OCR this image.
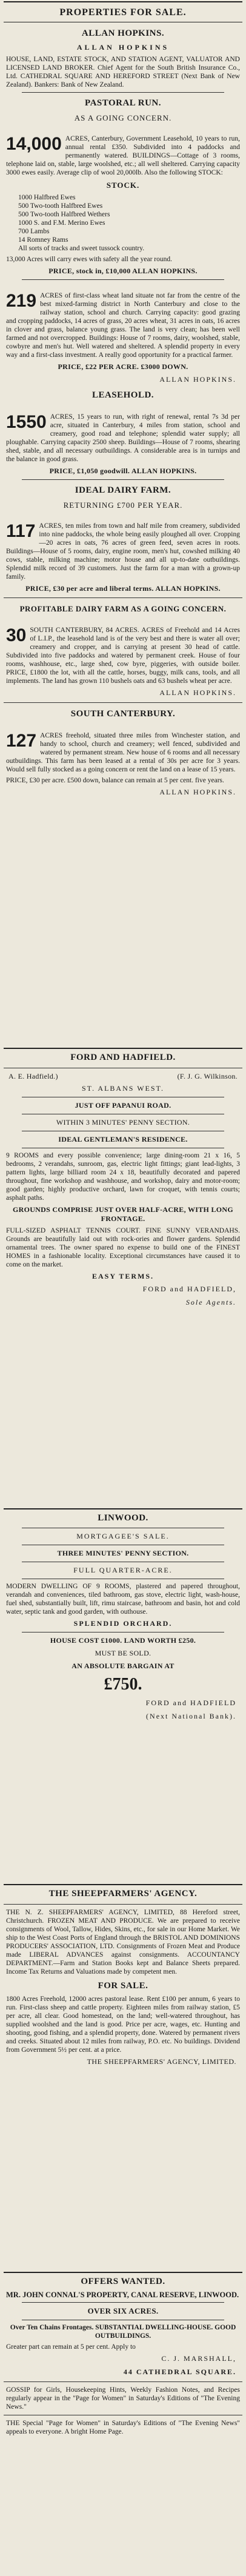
PROPERTIES FOR SALE.
ALLAN HOPKINS.
ALLAN HOPKINS
HOUSE, LAND, ESTATE STOCK, AND STATION AGENT, VALUATOR AND LICENSED LAND BROKER. Chief Agent for the South British Insurance Co., Ltd. CATHEDRAL SQUARE AND HEREFORD STREET (Next Bank of New Zealand). Bankers: Bank of New Zealand.
PASTORAL RUN.
AS A GOING CONCERN.

14,000 ACRES, Canterbury, Government Leasehold, 10 years to run, annual rental £350. Subdivided into 4 paddocks and permanently watered. BUILDINGS—Cottage of 3 rooms, telephone laid on, stable, large woolshed, etc.; all well sheltered. Carrying capacity 3000 ewes easily. Average clip of wool 20,000lb. Also the following STOCK:

STOCK.
1000 Halfbred Ewes
500 Two-tooth Halfbred Ewes
500 Two-tooth Halfbred Wethers
1000 S. and F.M. Merino Ewes
700 Lambs
14 Romney Rams
All sorts of tracks and sweet tussock country.
13,000 Acres will carry ewes with safety all the year round.
PRICE, stock in, £10,000 ALLAN HOPKINS.

219 ACRES of first-class wheat land situate not far from the centre of the best mixed-farming district in North Canterbury and close to the railway station, school and church. Carrying capacity: good grazing and cropping paddocks, 14 acres of grass, 20 acres wheat, 31 acres in oats, 16 acres in clover and grass, balance young grass. The land is very clean; has been well farmed and not overcropped. Buildings: House of 7 rooms, dairy, woolshed, stable, cowbyre and men's hut. Well watered and sheltered. A splendid property in every way and a first-class investment. A really good opportunity for a practical farmer.

PRICE, £22 PER ACRE. £3000 DOWN.
ALLAN HOPKINS.
LEASEHOLD.

1550 ACRES, 15 years to run, with right of renewal, rental 7s 3d per acre, situated in Canterbury, 4 miles from station, school and creamery, good road and telephone; splendid water supply; all ploughable. Carrying capacity 2500 sheep. Buildings—House of 7 rooms, shearing shed, stable, and all necessary outbuildings. A considerable area is in turnips and the balance in good grass.

PRICE, £1,050 goodwill. ALLAN HOPKINS.
IDEAL DAIRY FARM.
RETURNING £700 PER YEAR.

117 ACRES, ten miles from town and half mile from creamery, subdivided into nine paddocks, the whole being easily ploughed all over. Cropping—20 acres in oats, 76 acres of green feed, seven acres in roots. Buildings—House of 5 rooms, dairy, engine room, men's hut, cowshed milking 40 cows, stable, milking machine; motor house and all up-to-date outbuildings. Splendid milk record of 39 customers. Just the farm for a man with a grown-up family.

PRICE, £30 per acre and liberal terms. ALLAN HOPKINS.
PROFITABLE DAIRY FARM AS A GOING CONCERN.

30 SOUTH CANTERBURY, 84 ACRES. ACRES of Freehold and 14 Acres of L.I.P., the leasehold land is of the very best and there is water all over; creamery and cropper, and is carrying at present 30 head of cattle. Subdivided into five paddocks and watered by permanent creek. House of four rooms, washhouse, etc., large shed, cow byre, piggeries, with outside boiler. PRICE, £1800 the lot, with all the cattle, horses, buggy, milk cans, tools, and all implements. The land has grown 110 bushels oats and 63 bushels wheat per acre.

ALLAN HOPKINS.
SOUTH CANTERBURY.

127 ACRES freehold, situated three miles from Winchester station, and handy to school, church and creamery; well fenced, subdivided and watered by permanent stream. New house of 6 rooms and all necessary outbuildings. This farm has been leased at a rental of 30s per acre for 3 years. Would sell fully stocked as a going concern or rent the land on a lease of 15 years.

PRICE, £30 per acre. £500 down, balance can remain at 5 per cent. five years.
ALLAN HOPKINS.
FORD AND HADFIELD.
A. E. Hadfield.)	(F. J. G. Wilkinson.
ST. ALBANS WEST.
JUST OFF PAPANUI ROAD.
WITHIN 3 MINUTES' PENNY SECTION.
IDEAL GENTLEMAN'S RESIDENCE.
9 ROOMS and every possible convenience; large dining-room 21 x 16, 5 bedrooms, 2 verandahs, sunroom, gas, electric light fittings; giant lead-lights, 3 pattern lights, large billiard room 24 x 18, beautifully decorated and papered throughout, fine workshop and washhouse, and workshop, dairy and motor-room; good garden; highly productive orchard, lawn for croquet, with tennis courts; asphalt paths.
GROUNDS COMPRISE JUST OVER HALF-ACRE, WITH LONG FRONTAGE.
FULL-SIZED ASPHALT TENNIS COURT. FINE SUNNY VERANDAHS. Grounds are beautifully laid out with rock-ories and flower gardens. Splendid ornamental trees. The owner spared no expense to build one of the FINEST HOMES in a fashionable locality. Exceptional circumstances have caused it to come on the market.
EASY TERMS.
FORD and HADFIELD,
Sole Agents.
LINWOOD.
MORTGAGEE'S SALE.
THREE MINUTES' PENNY SECTION.
FULL QUARTER-ACRE.
MODERN DWELLING OF 9 ROOMS, plastered and papered throughout, verandah and conveniences, tiled bathroom, gas stove, electric light, wash-house, fuel shed, substantially built, lift, rimu staircase, bathroom and basin, hot and cold water, septic tank and good garden, with outhouse.
SPLENDID ORCHARD.
HOUSE COST £1000. LAND WORTH £250.
MUST BE SOLD.
AN ABSOLUTE BARGAIN AT
£750.
FORD and HADFIELD
(Next National Bank).
THE SHEEPFARMERS' AGENCY.
THE N. Z. SHEEPFARMERS' AGENCY, LIMITED, 88 Hereford street, Christchurch. FROZEN MEAT AND PRODUCE. We are prepared to receive consignments of Wool, Tallow, Hides, Skins, etc., for sale in our Home Market. We ship to the West Coast Ports of England through the BRISTOL AND DOMINIONS PRODUCERS' ASSOCIATION, LTD. Consignments of Frozen Meat and Produce made LIBERAL ADVANCES against consignments. ACCOUNTANCY DEPARTMENT.—Farm and Station Books kept and Balance Sheets prepared. Income Tax Returns and Valuations made by competent men.
FOR SALE.
1800 Acres Freehold, 12000 acres pastoral lease. Rent £100 per annum, 6 years to run. First-class sheep and cattle property. Eighteen miles from railway station, £5 per acre, all clear. Good homestead, on the land; well-watered throughout, has supplied woolshed and the land is good. Price per acre, wages, etc. Hunting and shooting, good fishing, and a splendid property, done. Watered by permanent rivers and creeks. Situated about 12 miles from railway, P.O. etc. No buildings. Dividend from Government 5½ per cent. at a price.
THE SHEEPFARMERS' AGENCY, LIMITED.
OFFERS WANTED.
MR. JOHN CONNAL'S PROPERTY, CANAL RESERVE, LINWOOD.
OVER SIX ACRES.
Over Ten Chains Frontages. SUBSTANTIAL DWELLING-HOUSE. GOOD OUTBUILDINGS.
Greater part can remain at 5 per cent. Apply to
C. J. MARSHALL,
44 CATHEDRAL SQUARE.
GOSSIP for Girls, Housekeeping Hints, Weekly Fashion Notes, and Recipes regularly appear in the "Page for Women" in Saturday's Editions of "The Evening News."
THE Special "Page for Women" in Saturday's Editions of "The Evening News" appeals to everyone. A bright Home Page.
